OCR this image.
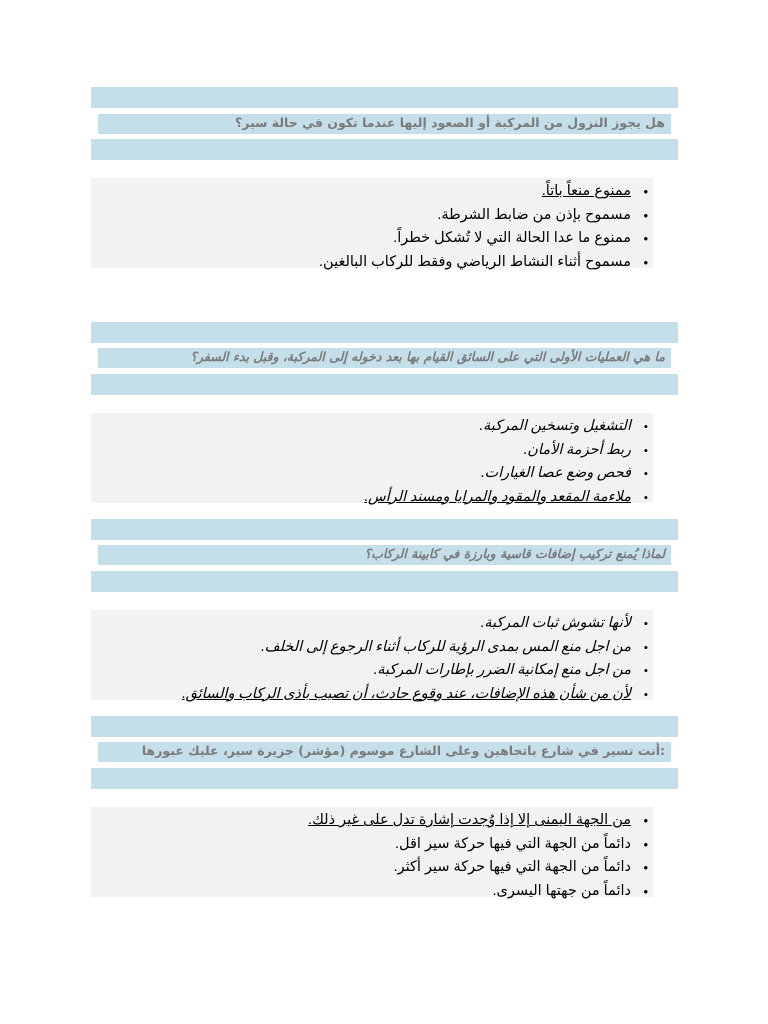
هل يجوز النزول من المركبة أو الصعود إليها عندما تكون في حالة سير؟
• ممنوع منعاً باتاً.
• مسموح بإذن من ضابط الشرطة.
• ممنوع ما عدا الحالة التي لا تُشكل خطراً.
• مسموح أثناء النشاط الرياضي وفقط للركاب البالغين.
ما هي العمليات الأولى التي على السائق القيام بها بعد دخوله إلى المركبة، وقبل بدء السفر؟
• التشغيل وتسخين المركبة.
• ربط أحزمة الأمان.
• فحص وضع عصا الغيارات.
• ملاءمة المقعد والمقود والمرايا ومسند الرأس.
لماذا يُمنع تركيب إضافات قاسية وبارزة في كابينة الركاب؟
• لأنها تشوش ثبات المركبة.
• من اجل منع المس بمدى الرؤية للركاب أثناء الرجوع إلى الخلف.
• من اجل منع إمكانية الضرر بإطارات المركبة.
• لأن من شأن هذه الإضافات، عند وقوع حادث، أن تصيب بأذى الركاب والسائق.
:أنت تسير في شارع باتجاهين وعلى الشارع موسوم (مؤشر) جزيرة سير، عليك عبورها
• من الجهة اليمنى إلا إذا وُجدت إشارة تدل على غير ذلك.
• دائماً من الجهة التي فيها حركة سير اقل.
• دائماً من الجهة التي فيها حركة سير أكثر.
• دائماً من جهتها اليسرى.
